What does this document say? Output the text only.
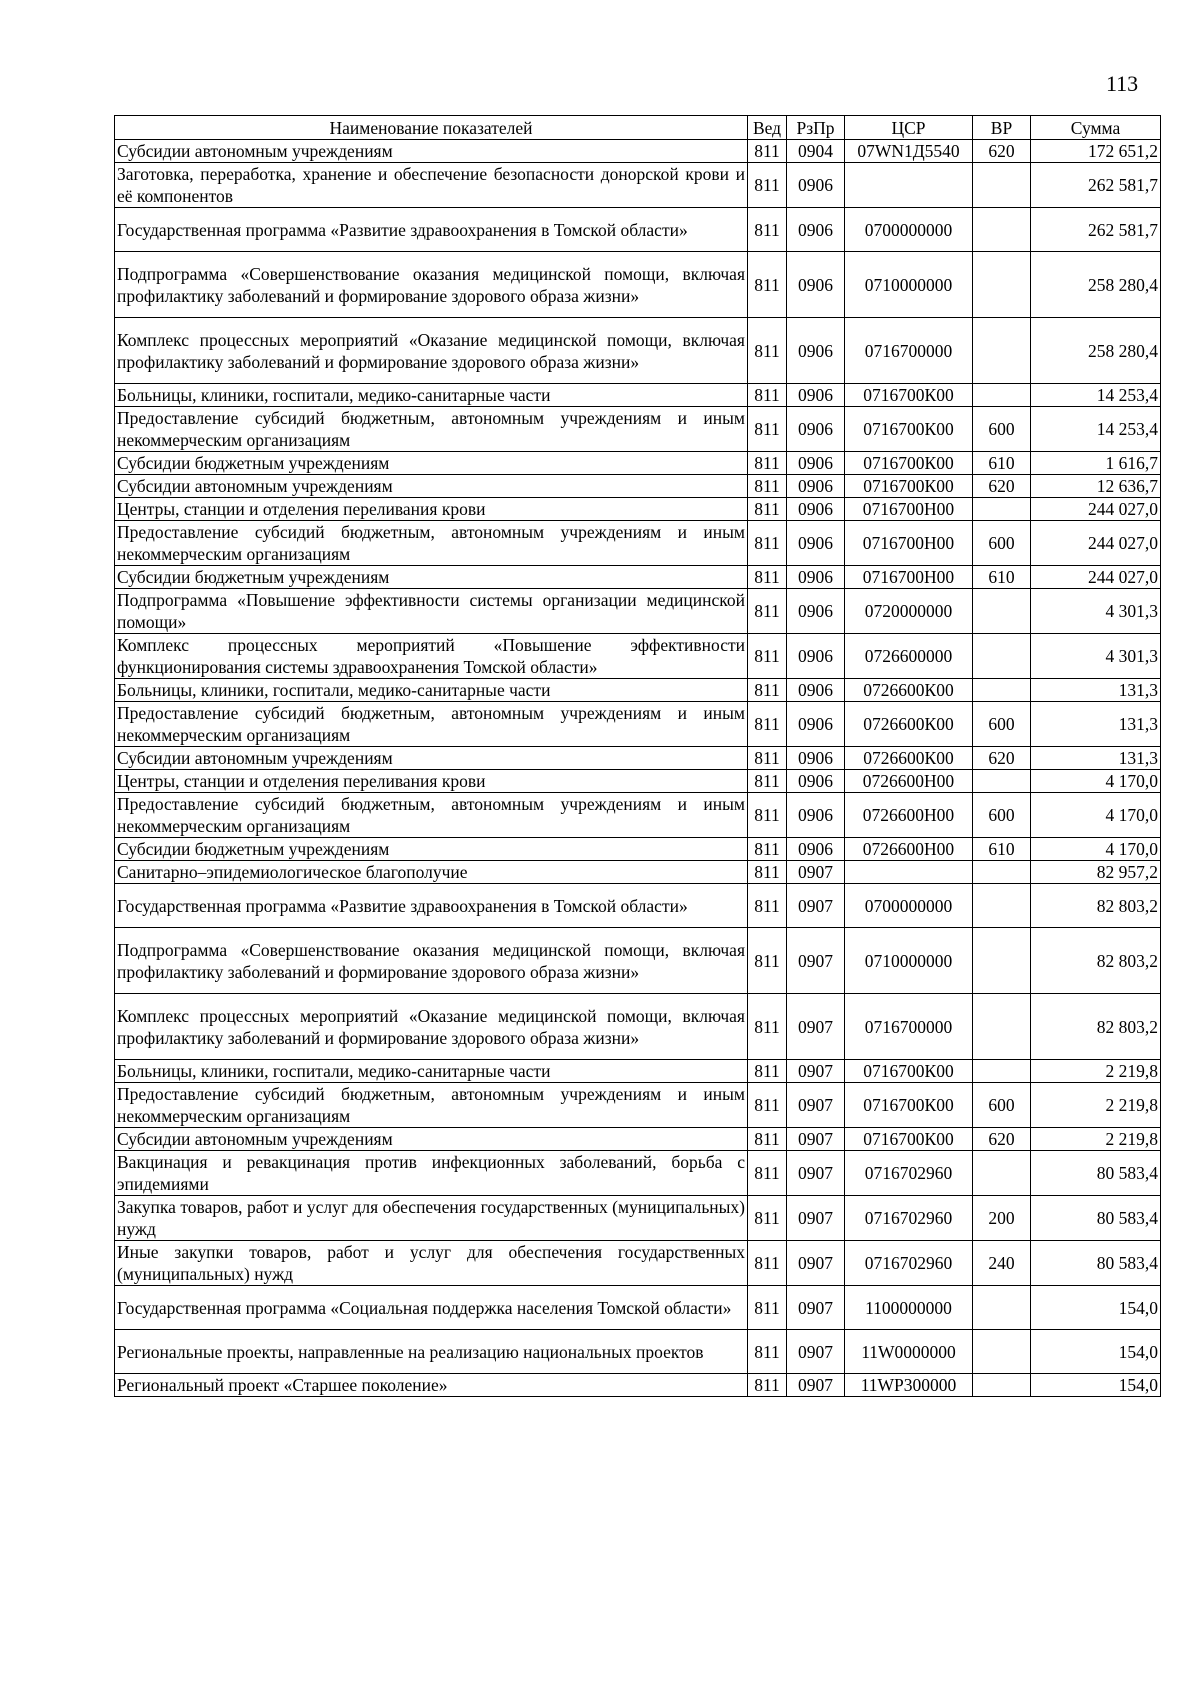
113
Наименование показателей	Вед	РзПр	ЦСР	ВР	Сумма
Субсидии автономным учреждениям	811	0904	07WN1Д5540	620	172 651,2
Заготовка, переработка, хранение и обеспечение безопасности донорской крови и её компонентов	811	0906			262 581,7
Государственная программа «Развитие здравоохранения в Томской области»	811	0906	0700000000		262 581,7
Подпрограмма «Совершенствование оказания медицинской помощи, включая профилактику заболеваний и формирование здорового образа жизни»	811	0906	0710000000		258 280,4
Комплекс процессных мероприятий «Оказание медицинской помощи, включая профилактику заболеваний и формирование здорового образа жизни»	811	0906	0716700000		258 280,4
Больницы, клиники, госпитали, медико-санитарные части	811	0906	0716700К00		14 253,4
Предоставление субсидий бюджетным, автономным учреждениям и иным некоммерческим организациям	811	0906	0716700К00	600	14 253,4
Субсидии бюджетным учреждениям	811	0906	0716700К00	610	1 616,7
Субсидии автономным учреждениям	811	0906	0716700К00	620	12 636,7
Центры, станции и отделения переливания крови	811	0906	0716700Н00		244 027,0
Предоставление субсидий бюджетным, автономным учреждениям и иным некоммерческим организациям	811	0906	0716700Н00	600	244 027,0
Субсидии бюджетным учреждениям	811	0906	0716700Н00	610	244 027,0
Подпрограмма «Повышение эффективности системы организации медицинской помощи»	811	0906	0720000000		4 301,3
Комплекс процессных мероприятий «Повышение эффективности функционирования системы здравоохранения Томской области»	811	0906	0726600000		4 301,3
Больницы, клиники, госпитали, медико-санитарные части	811	0906	0726600К00		131,3
Предоставление субсидий бюджетным, автономным учреждениям и иным некоммерческим организациям	811	0906	0726600К00	600	131,3
Субсидии автономным учреждениям	811	0906	0726600К00	620	131,3
Центры, станции и отделения переливания крови	811	0906	0726600Н00		4 170,0
Предоставление субсидий бюджетным, автономным учреждениям и иным некоммерческим организациям	811	0906	0726600Н00	600	4 170,0
Субсидии бюджетным учреждениям	811	0906	0726600Н00	610	4 170,0
Санитарно–эпидемиологическое благополучие	811	0907			82 957,2
Государственная программа «Развитие здравоохранения в Томской области»	811	0907	0700000000		82 803,2
Подпрограмма «Совершенствование оказания медицинской помощи, включая профилактику заболеваний и формирование здорового образа жизни»	811	0907	0710000000		82 803,2
Комплекс процессных мероприятий «Оказание медицинской помощи, включая профилактику заболеваний и формирование здорового образа жизни»	811	0907	0716700000		82 803,2
Больницы, клиники, госпитали, медико-санитарные части	811	0907	0716700К00		2 219,8
Предоставление субсидий бюджетным, автономным учреждениям и иным некоммерческим организациям	811	0907	0716700К00	600	2 219,8
Субсидии автономным учреждениям	811	0907	0716700К00	620	2 219,8
Вакцинация и ревакцинация против инфекционных заболеваний, борьба с эпидемиями	811	0907	0716702960		80 583,4
Закупка товаров, работ и услуг для обеспечения государственных (муниципальных) нужд	811	0907	0716702960	200	80 583,4
Иные закупки товаров, работ и услуг для обеспечения государственных (муниципальных) нужд	811	0907	0716702960	240	80 583,4
Государственная программа «Социальная поддержка населения Томской области»	811	0907	1100000000		154,0
Региональные проекты, направленные на реализацию национальных проектов	811	0907	11W0000000		154,0
Региональный проект «Старшее поколение»	811	0907	11WP300000		154,0
